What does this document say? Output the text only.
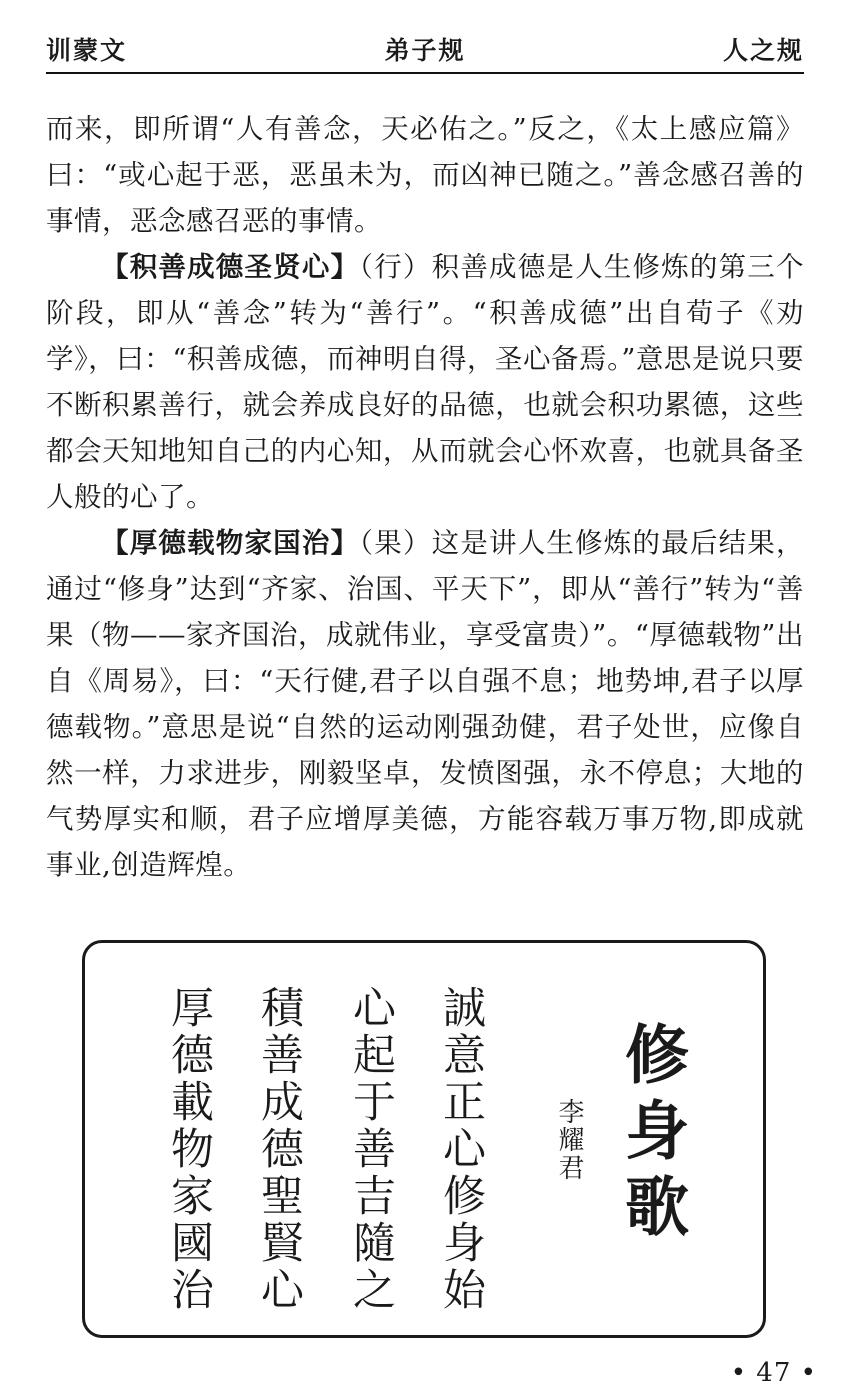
训蒙文	弟子规	人之规

而来，即所谓“人有善念，天必佑之。”反之，《太上感应篇》曰：“或心起于恶，恶虽未为，而凶神已随之。”善念感召善的事情，恶念感召恶的事情。

【积善成德圣贤心】（行）积善成德是人生修炼的第三个阶段，即从“善念”转为“善行”。“积善成德”出自荀子《劝学》，曰：“积善成德，而神明自得，圣心备焉。”意思是说只要不断积累善行，就会养成良好的品德，也就会积功累德，这些都会天知地知自己的内心知，从而就会心怀欢喜，也就具备圣人般的心了。

【厚德载物家国治】（果）这是讲人生修炼的最后结果，通过“修身”达到“齐家、治国、平天下”，即从“善行”转为“善果（物——家齐国治，成就伟业，享受富贵）”。“厚德载物”出自《周易》，曰：“天行健,君子以自强不息；地势坤,君子以厚德载物。”意思是说“自然的运动刚强劲健，君子处世，应像自然一样，力求进步，刚毅坚卓，发愤图强，永不停息；大地的气势厚实和顺，君子应增厚美德，方能容载万事万物,即成就事业,创造辉煌。

厚德載物家國治 積善成德聖賢心 心起于善吉隨之 誠意正心修身始	李耀君 修身歌
• 47 •
